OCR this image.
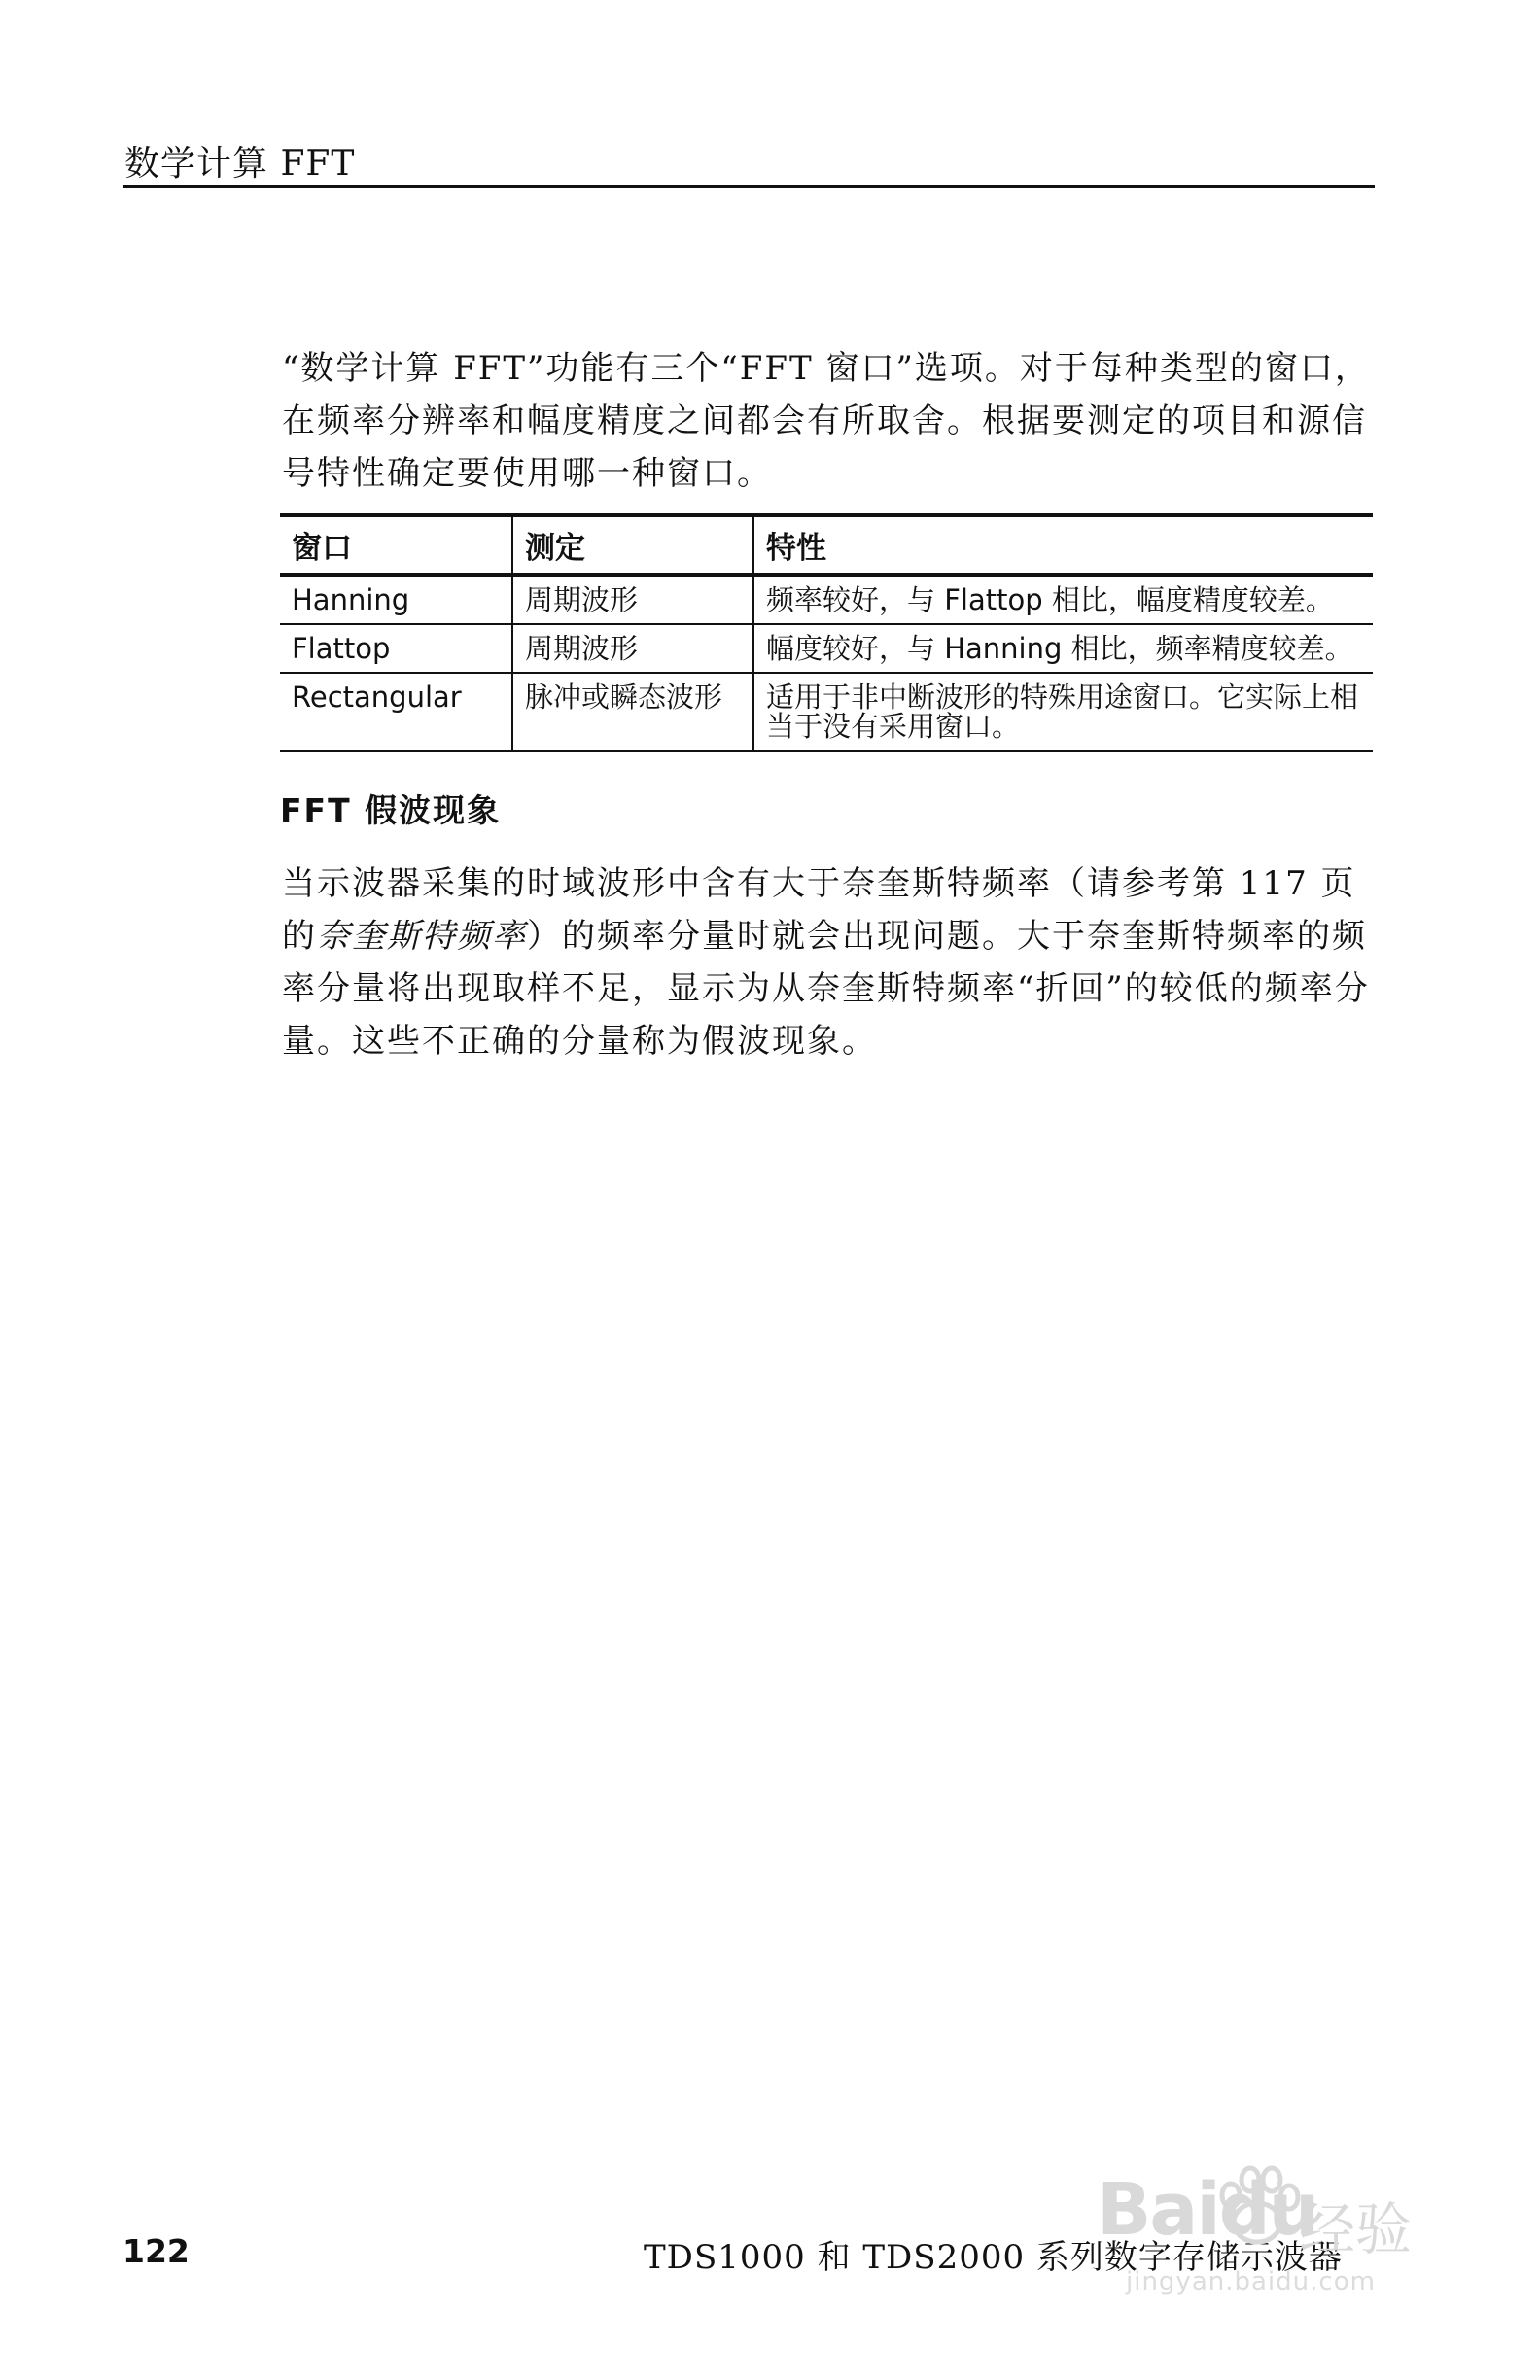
数学计算 FFT

“数学计算 FFT”功能有三个“FFT 窗口”选项。对于每种类型的窗口，在频率分辨率和幅度精度之间都会有所取舍。根据要测定的项目和源信号特性确定要使用哪一种窗口。

窗口	测定	特性
Hanning	周期波形	频率较好，与 Flattop 相比，幅度精度较差。
Flattop	周期波形	幅度较好，与 Hanning 相比，频率精度较差。
Rectangular	脉冲或瞬态波形	适用于非中断波形的特殊用途窗口。它实际上相当于没有采用窗口。
FFT 假波现象

当示波器采集的时域波形中含有大于奈奎斯特频率（请参考第 117 页的奈奎斯特频率）的频率分量时就会出现问题。大于奈奎斯特频率的频率分量将出现取样不足，显示为从奈奎斯特频率“折回”的较低的频率分量。这些不正确的分量称为假波现象。

122	TDS1000 和 TDS2000 系列数字存储示波器
Baidu
经验
jingyan.baidu.com
